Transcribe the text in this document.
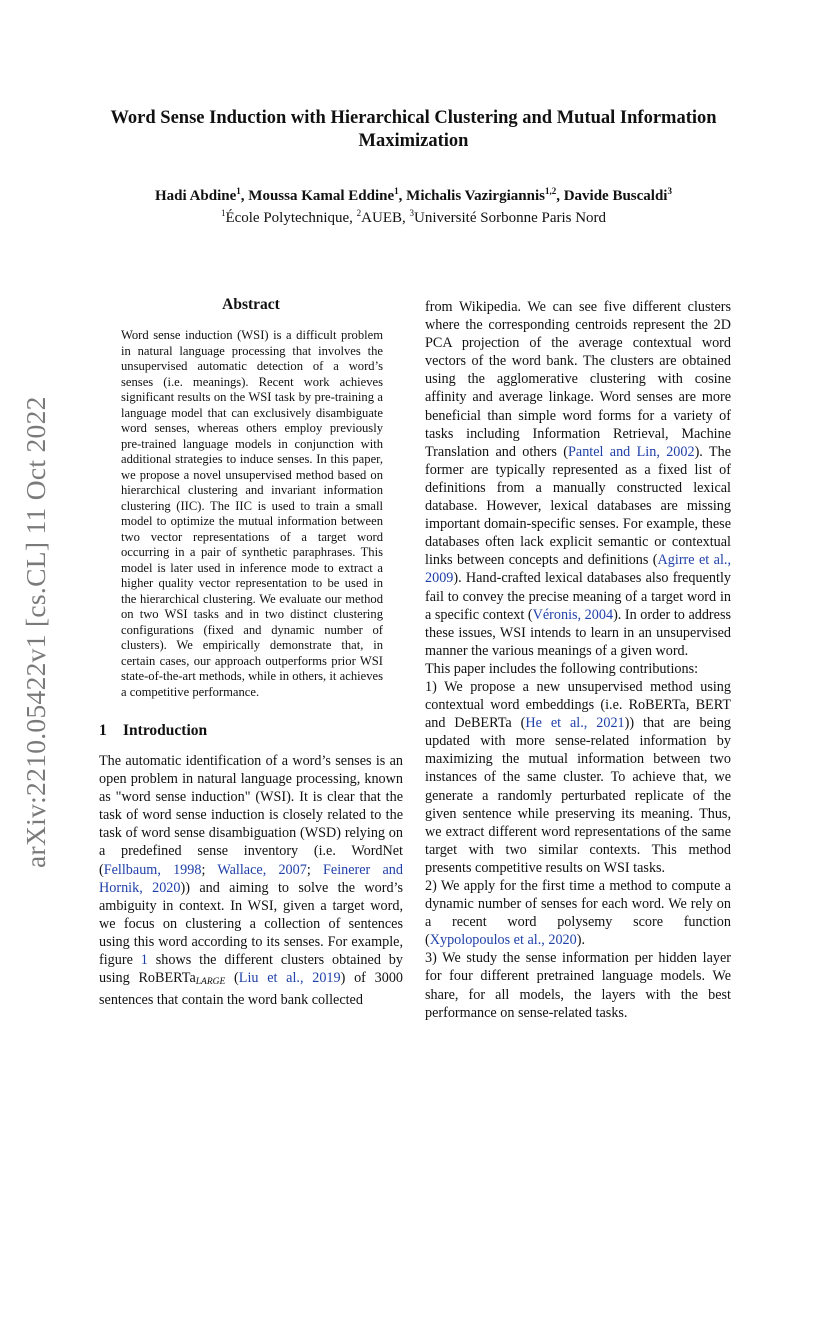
Word Sense Induction with Hierarchical Clustering and Mutual Information Maximization
Hadi Abdine$^1$, Moussa Kamal Eddine$^1$, Michalis Vazirgiannis$^{1,2}$, Davide Buscaldi$^3$
$^1$École Polytechnique, $^2$AUEB, $^3$Université Sorbonne Paris Nord
arXiv:2210.05422v1 [cs.CL] 11 Oct 2022
Abstract

Word sense induction (WSI) is a difficult problem in natural language processing that involves the unsupervised automatic detection of a word’s senses (i.e. meanings). Recent work achieves significant results on the WSI task by pre-training a language model that can exclusively disambiguate word senses, whereas others employ previously pre-trained language models in conjunction with additional strategies to induce senses. In this paper, we propose a novel unsupervised method based on hierarchical clustering and invariant information clustering (IIC). The IIC is used to train a small model to optimize the mutual information between two vector representations of a target word occurring in a pair of synthetic paraphrases. This model is later used in inference mode to extract a higher quality vector representation to be used in the hierarchical clustering. We evaluate our method on two WSI tasks and in two distinct clustering configurations (fixed and dynamic number of clusters). We empirically demonstrate that, in certain cases, our approach outperforms prior WSI state-of-the-art methods, while in others, it achieves a competitive performance.

1	Introduction

The automatic identification of a word’s senses is an open problem in natural language processing, known as "word sense induction" (WSI). It is clear that the task of word sense induction is closely related to the task of word sense disambiguation (WSD) relying on a predefined sense inventory (i.e. WordNet (Fellbaum, 1998; Wallace, 2007; Feinerer and Hornik, 2020)) and aiming to solve the word’s ambiguity in context. In WSI, given a target word, we focus on clustering a collection of sentences using this word according to its senses. For example, figure 1 shows the different clusters obtained by using RoBERTaLARGE (Liu et al., 2019) of 3000 sentences that contain the word bank collected

from Wikipedia. We can see five different clusters where the corresponding centroids represent the 2D PCA projection of the average contextual word vectors of the word bank. The clusters are obtained using the agglomerative clustering with cosine affinity and average linkage. Word senses are more beneficial than simple word forms for a variety of tasks including Information Retrieval, Machine Translation and others (Pantel and Lin, 2002). The former are typically represented as a fixed list of definitions from a manually constructed lexical database. However, lexical databases are missing important domain-specific senses. For example, these databases often lack explicit semantic or contextual links between concepts and definitions (Agirre et al., 2009). Hand-crafted lexical databases also frequently fail to convey the precise meaning of a target word in a specific context (Véronis, 2004). In order to address these issues, WSI intends to learn in an unsupervised manner the various meanings of a given word.

This paper includes the following contributions:

1) We propose a new unsupervised method using contextual word embeddings (i.e. RoBERTa, BERT and DeBERTa (He et al., 2021)) that are being updated with more sense-related information by maximizing the mutual information between two instances of the same cluster. To achieve that, we generate a randomly perturbated replicate of the given sentence while preserving its meaning. Thus, we extract different word representations of the same target with two similar contexts. This method presents competitive results on WSI tasks.

2) We apply for the first time a method to compute a dynamic number of senses for each word. We rely on a recent word polysemy score function (Xypolopoulos et al., 2020).

3) We study the sense information per hidden layer for four different pretrained language models. We share, for all models, the layers with the best performance on sense-related tasks.
